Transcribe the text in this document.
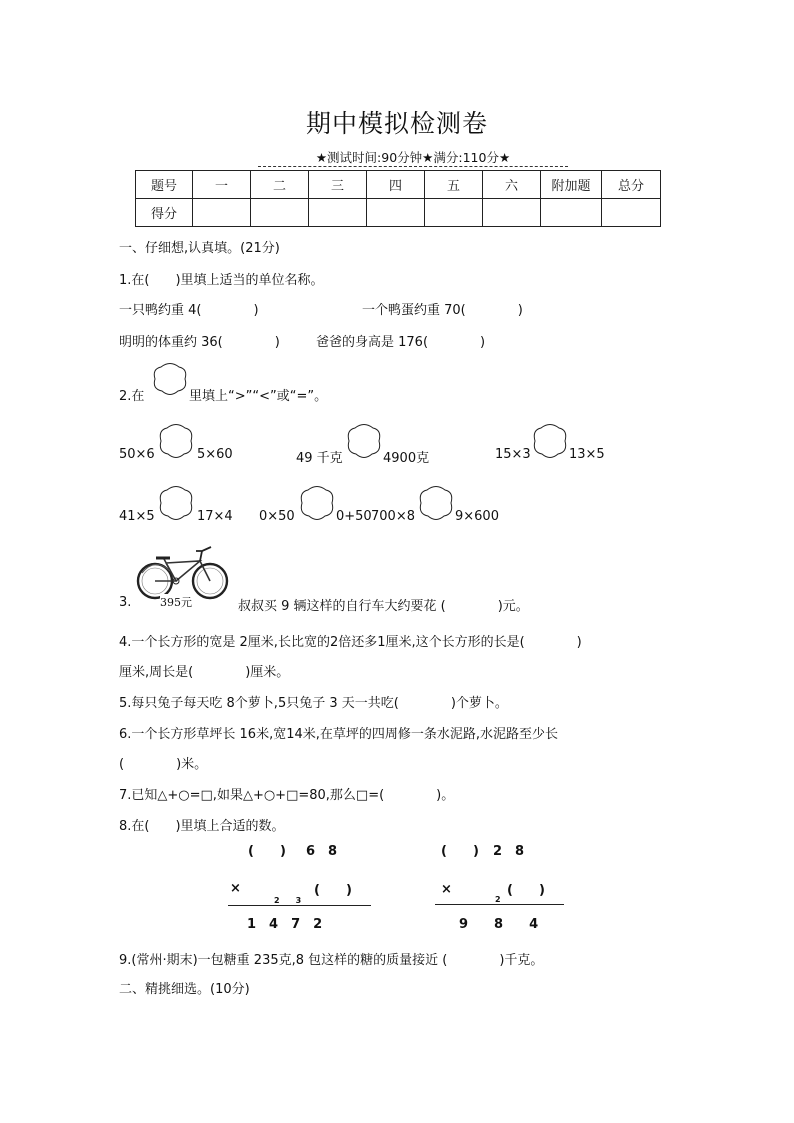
期中模拟检测卷
★测试时间:90分钟★满分:110分★
题号	一	二	三	四	五	六	附加题	总分
得分								
一、仔细想,认真填。(21分)
1.在(　　)里填上适当的单位名称。
一只鸭约重 4(　　　　)	一个鸭蛋约重 70(　　　　)
明明的体重约 36(　　　　)	爸爸的身高是 176(　　　　)
2.在	里填上“>”“<”或“=”。
50×6	5×60	49 千克	4900克	15×3	13×5
41×5	17×4 0×50	0+50 700×8	9×600
3.	395元	叔叔买 9 辆这样的自行车大约要花 (　　　　)元。
4.一个长方形的宽是 2厘米,长比宽的2倍还多1厘米,这个长方形的长是(　　　　)
厘米,周长是(　　　　)厘米。
5.每只兔子每天吃 8个萝卜,5只兔子 3 天一共吃(　　　　)个萝卜。
6.一个长方形草坪长 16米,宽14米,在草坪的四周修一条水泥路,水泥路至少长
(　　　　)米。
7.已知△+○=□,如果△+○+□=80,那么□=(　　　　)。
8.在(　　)里填上合适的数。
(　　) 6　8
×
2　　3
(　　)
1　4　7　2
(　　) 2　8
×
2
(　　)
9　　8　　4
9.(常州·期末)一包糖重 235克,8 包这样的糖的质量接近 (　　　　)千克。
二、精挑细选。(10分)
